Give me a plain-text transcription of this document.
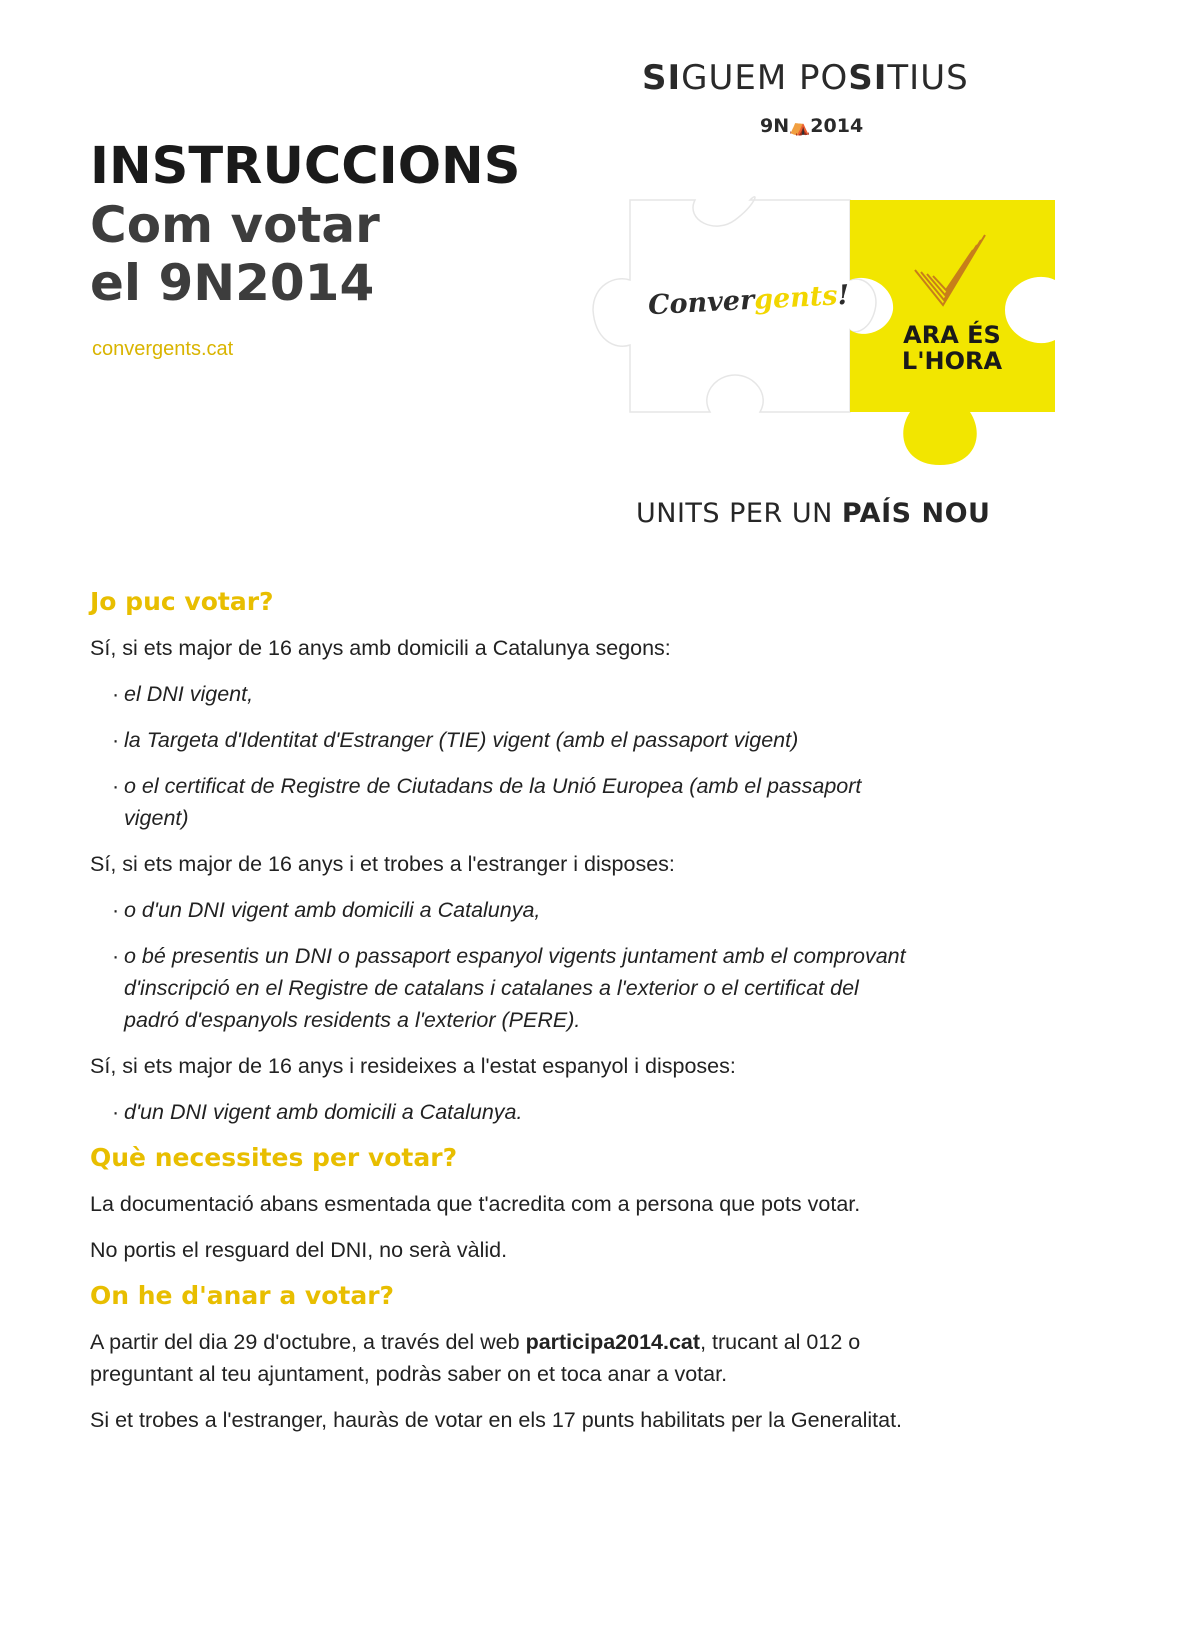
INSTRUCCIONS
Com votar
el 9N2014
convergents.cat
SIGUEM POSITIUS
9N⛺2014
Convergents!
ARA ÉS
L'HORA
UNITS PER UN PAÍS NOU
Jo puc votar?

Sí, si ets major de 16 anys amb domicili a Catalunya segons:

· el DNI vigent,
· la Targeta d'Identitat d'Estranger (TIE) vigent (amb el passaport vigent)
· o el certificat de Registre de Ciutadans de la Unió Europea (amb el passaport
vigent)

Sí, si ets major de 16 anys i et trobes a l'estranger i disposes:

· o d'un DNI vigent amb domicili a Catalunya,
· o bé presentis un DNI o passaport espanyol vigents juntament amb el comprovant
d'inscripció en el Registre de catalans i catalanes a l'exterior o el certificat del
padró d'espanyols residents a l'exterior (PERE).

Sí, si ets major de 16 anys i resideixes a l'estat espanyol i disposes:

· d'un DNI vigent amb domicili a Catalunya.
Què necessites per votar?

La documentació abans esmentada que t'acredita com a persona que pots votar.

No portis el resguard del DNI, no serà vàlid.

On he d'anar a votar?

A partir del dia 29 d'octubre, a través del web participa2014.cat, trucant al 012 o
preguntant al teu ajuntament, podràs saber on et toca anar a votar.

Si et trobes a l'estranger, hauràs de votar en els 17 punts habilitats per la Generalitat.
